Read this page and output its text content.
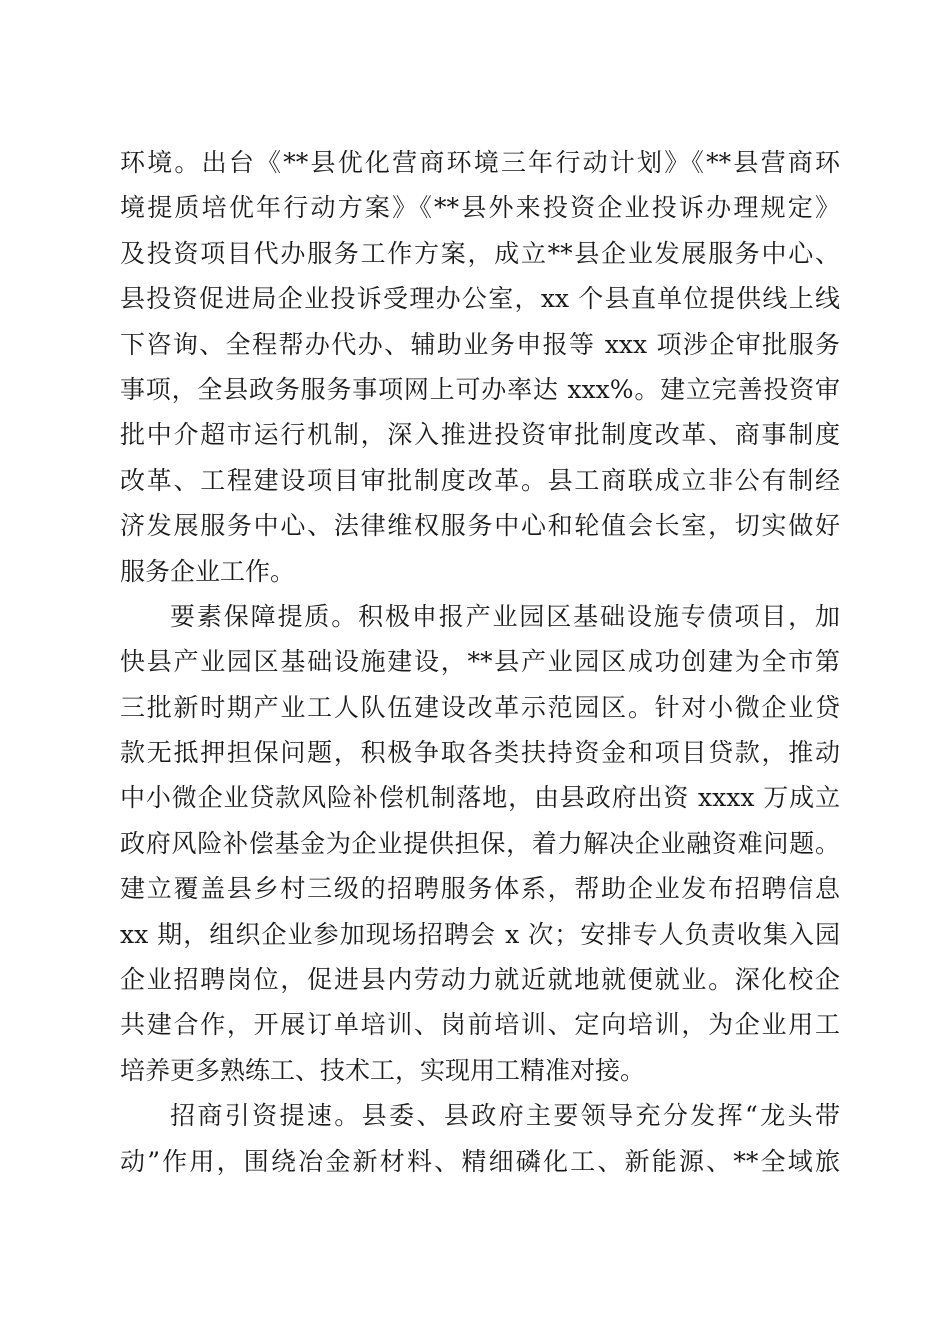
环境。出台《**县优化营商环境三年行动计划》《**县营商环
境提质培优年行动方案》《**县外来投资企业投诉办理规定》
及投资项目代办服务工作方案，成立**县企业发展服务中心、
县投资促进局企业投诉受理办公室，xx 个县直单位提供线上线
下咨询、全程帮办代办、辅助业务申报等 xxx 项涉企审批服务
事项，全县政务服务事项网上可办率达 xxx%。建立完善投资审
批中介超市运行机制，深入推进投资审批制度改革、商事制度
改革、工程建设项目审批制度改革。县工商联成立非公有制经
济发展服务中心、法律维权服务中心和轮值会长室，切实做好
服务企业工作。
要素保障提质。积极申报产业园区基础设施专债项目，加
快县产业园区基础设施建设，**县产业园区成功创建为全市第
三批新时期产业工人队伍建设改革示范园区。针对小微企业贷
款无抵押担保问题，积极争取各类扶持资金和项目贷款，推动
中小微企业贷款风险补偿机制落地，由县政府出资 xxxx 万成立
政府风险补偿基金为企业提供担保，着力解决企业融资难问题。
建立覆盖县乡村三级的招聘服务体系，帮助企业发布招聘信息
xx 期，组织企业参加现场招聘会 x 次；安排专人负责收集入园
企业招聘岗位，促进县内劳动力就近就地就便就业。深化校企
共建合作，开展订单培训、岗前培训、定向培训，为企业用工
培养更多熟练工、技术工，实现用工精准对接。
招商引资提速。县委、县政府主要领导充分发挥“龙头带
动”作用，围绕冶金新材料、精细磷化工、新能源、**全域旅
